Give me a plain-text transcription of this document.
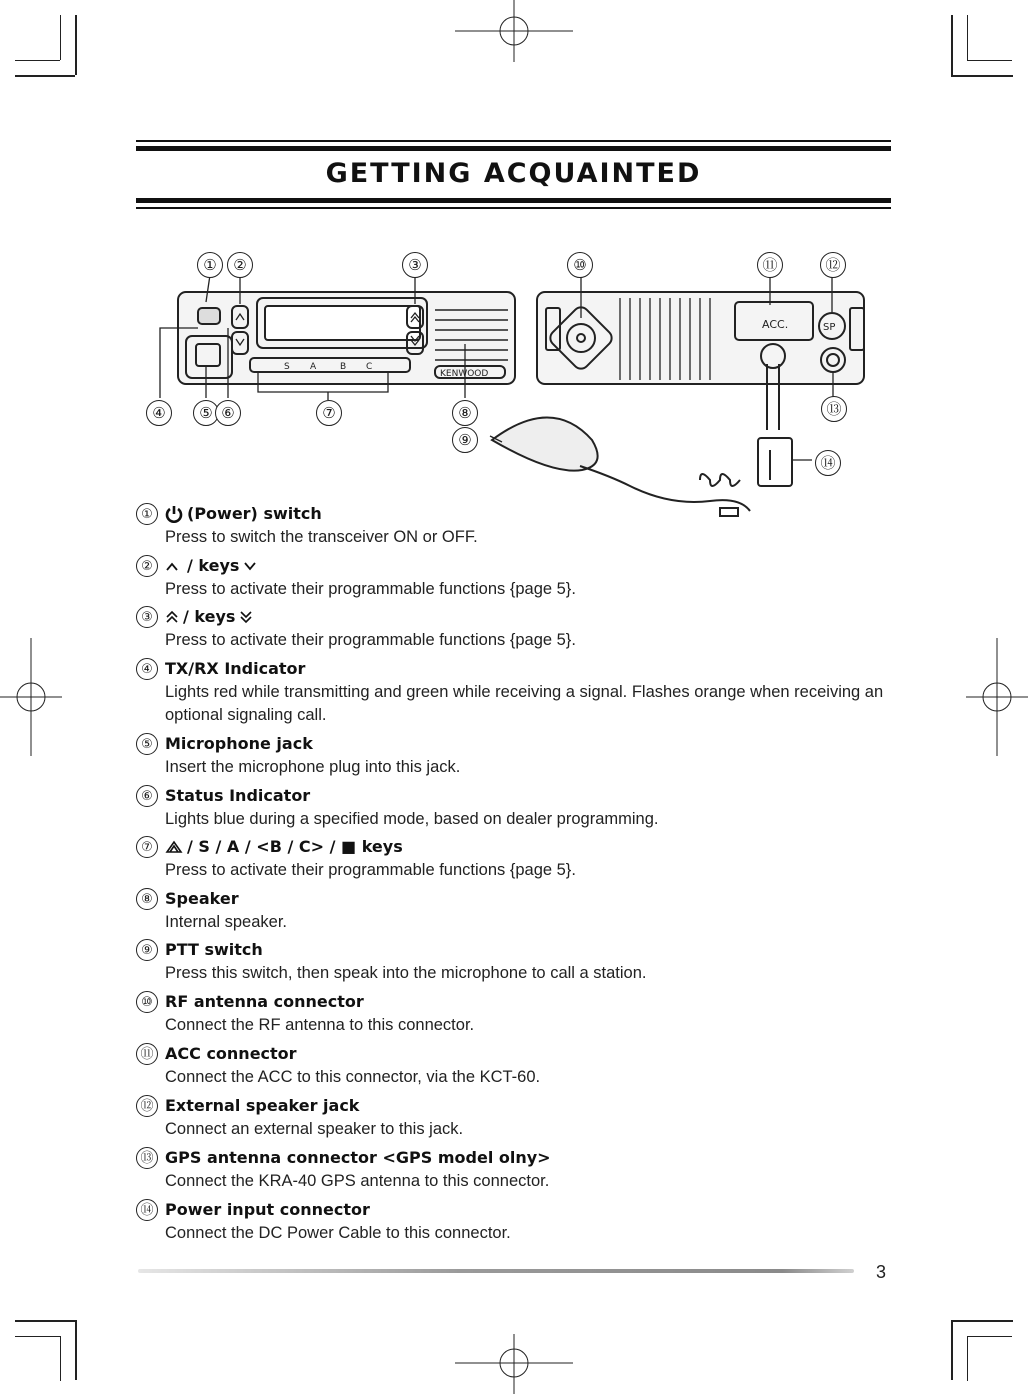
GETTING ACQUAINTED
S A	B C
KENWOOD
ACC.	SP
①	②	③
④	⑤ ⑥	⑦	⑧
⑨
⑩	⑪	⑫
⑬
⑭
①	(Power) switch
Press to switch the transceiver ON or OFF.
②	/ keys
Press to activate their programmable functions {page 5}.
③	/ keys
Press to activate their programmable functions {page 5}.
④ TX/RX Indicator
Lights red while transmitting and green while receiving a signal. Flashes orange when receiving an optional signaling call.
⑤ Microphone jack
Insert the microphone plug into this jack.
⑥ Status Indicator
Lights blue during a specified mode, based on dealer programming.
⑦	/ S / A / <B / C> / ■ keys
Press to activate their programmable functions {page 5}.
⑧ Speaker
Internal speaker.
⑨ PTT switch
Press this switch, then speak into the microphone to call a station.
⑩ RF antenna connector
Connect the RF antenna to this connector.
⑪ ACC connector
Connect the ACC to this connector, via the KCT-60.
⑫ External speaker jack
Connect an external speaker to this jack.
⑬ GPS antenna connector <GPS model olny>
Connect the KRA-40 GPS antenna to this connector.
⑭ Power input connector
Connect the DC Power Cable to this connector.
3
